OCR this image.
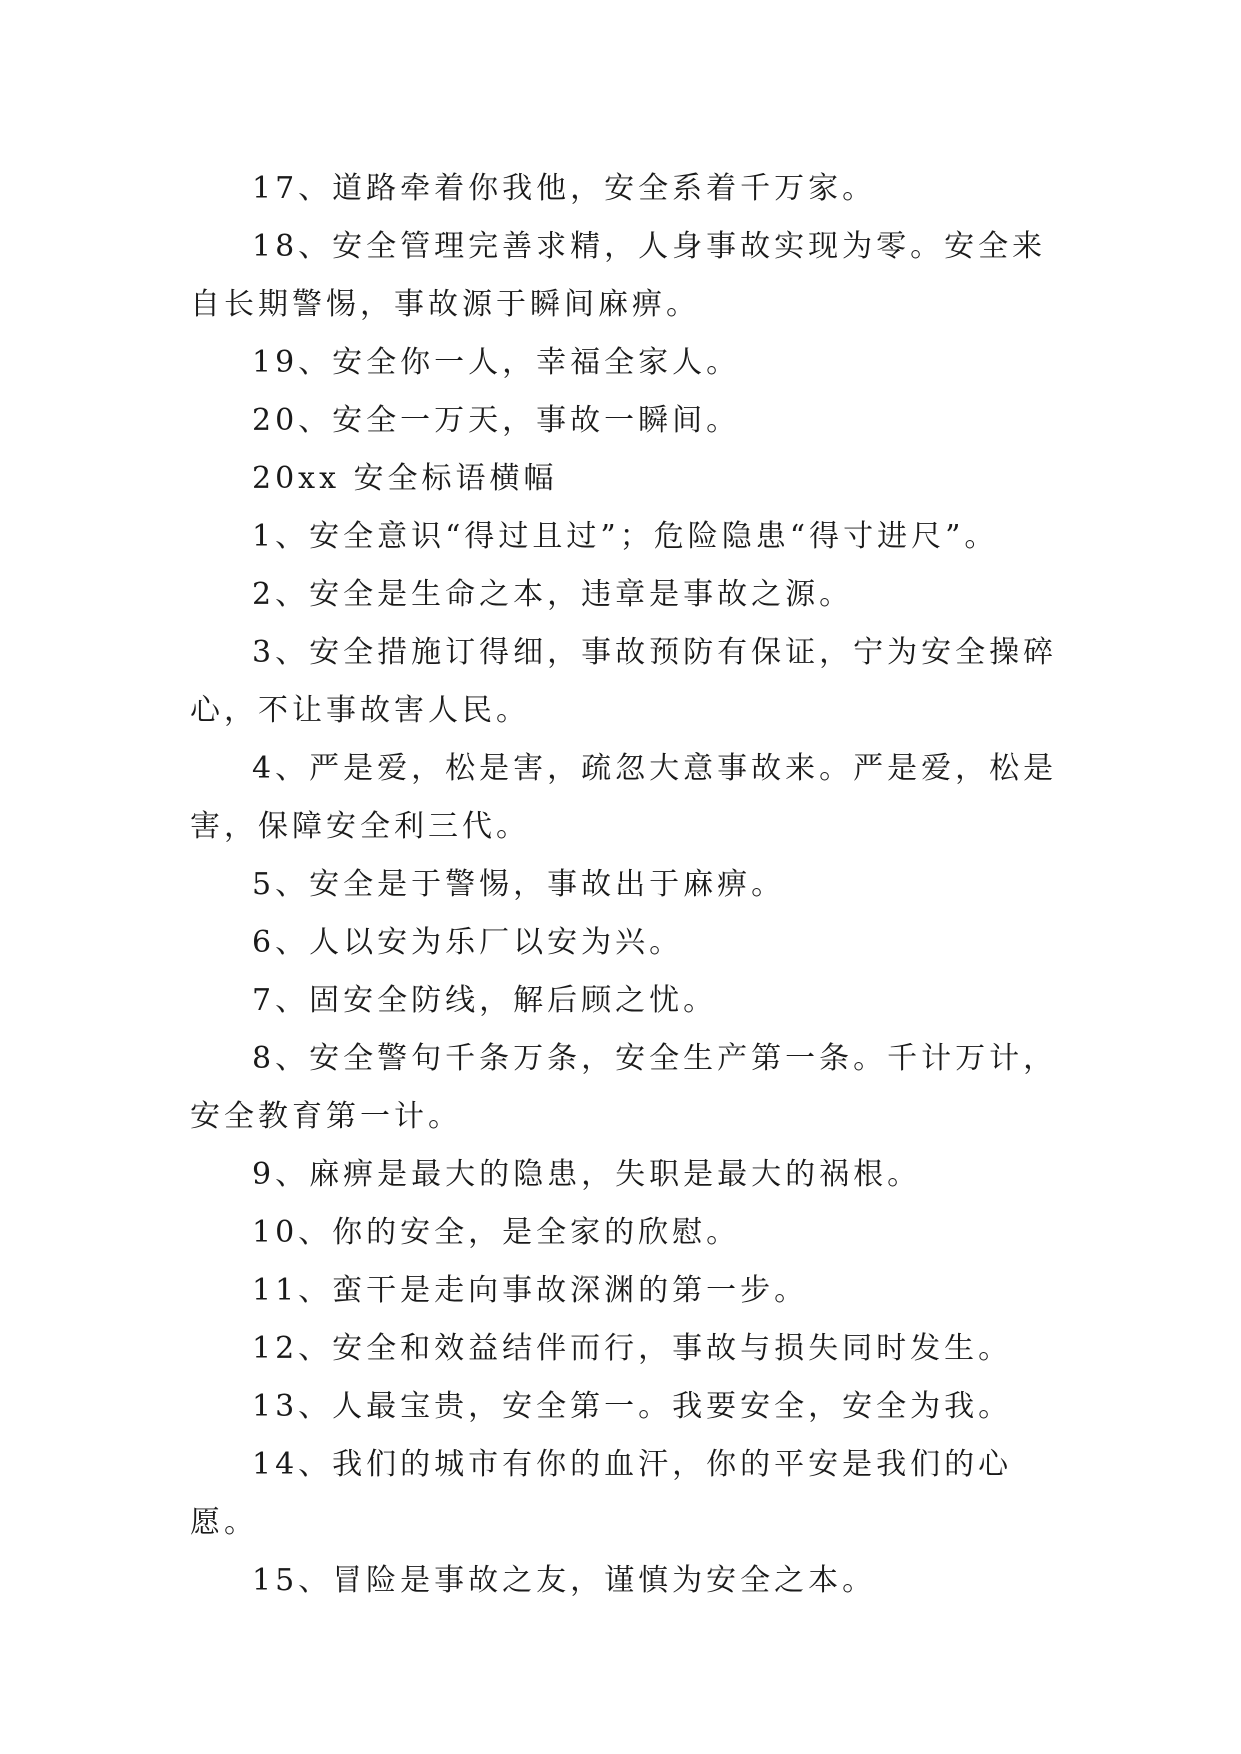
17、道路牵着你我他，安全系着千万家。

18、安全管理完善求精，人身事故实现为零。安全来自长期警惕，事故源于瞬间麻痹。

19、安全你一人，幸福全家人。

20、安全一万天，事故一瞬间。

20xx 安全标语横幅

1、安全意识“得过且过”；危险隐患“得寸进尺”。

2、安全是生命之本，违章是事故之源。

3、安全措施订得细，事故预防有保证，宁为安全操碎心，不让事故害人民。

4、严是爱，松是害，疏忽大意事故来。严是爱，松是害，保障安全利三代。

5、安全是于警惕，事故出于麻痹。

6、人以安为乐厂以安为兴。

7、固安全防线，解后顾之忧。

8、安全警句千条万条，安全生产第一条。千计万计，安全教育第一计。

9、麻痹是最大的隐患，失职是最大的祸根。

10、你的安全，是全家的欣慰。

11、蛮干是走向事故深渊的第一步。

12、安全和效益结伴而行，事故与损失同时发生。

13、人最宝贵，安全第一。我要安全，安全为我。

14、我们的城市有你的血汗，你的平安是我们的心愿。

15、冒险是事故之友，谨慎为安全之本。
